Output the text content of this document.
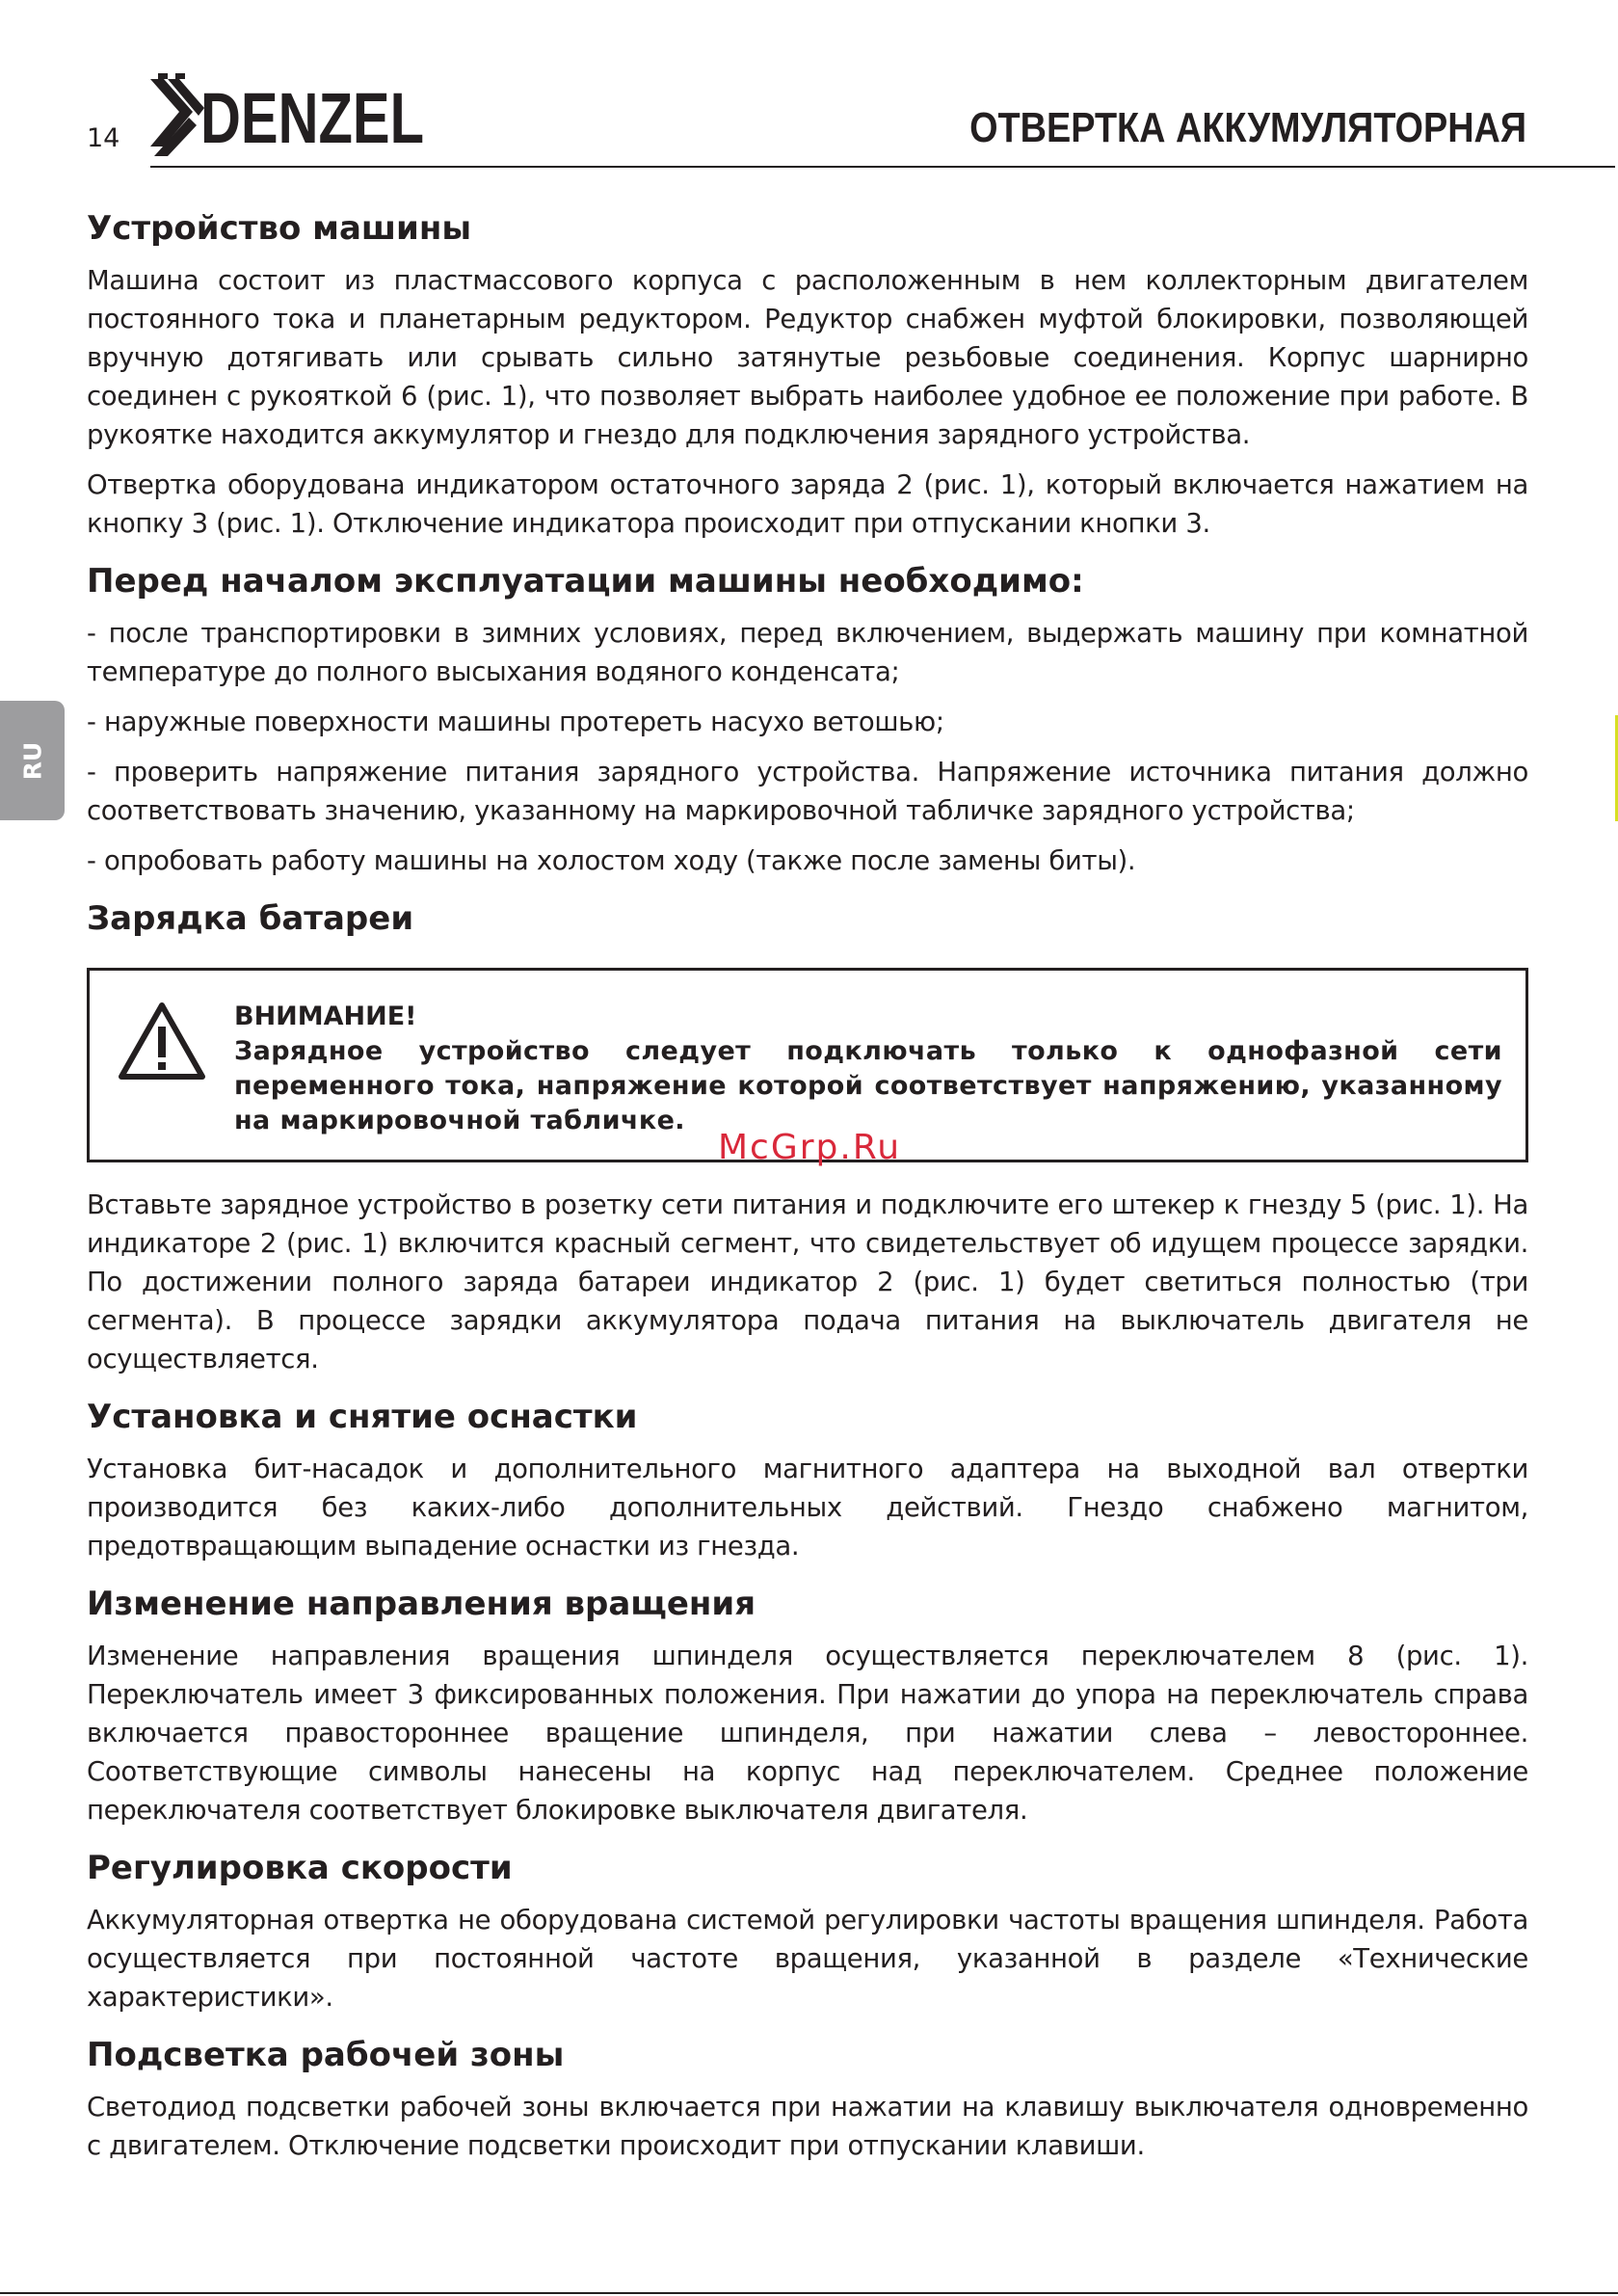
14 DENZEL	ОТВЕРТКА АККУМУЛЯТОРНАЯ
RU
Устройство машины

Машина состоит из пластмассового корпуса с расположенным в нем коллекторным двигателем постоянного тока и планетарным редуктором. Редуктор снабжен муфтой блокировки, позволяющей вручную дотягивать или срывать сильно затянутые резьбовые соединения. Корпус шарнирно соединен с рукояткой 6 (рис. 1), что позволяет выбрать наиболее удобное ее положение при работе. В рукоятке находится аккумулятор и гнездо для подключения зарядного устройства.

Отвертка оборудована индикатором остаточного заряда 2 (рис. 1), который включается нажатием на кнопку 3 (рис. 1). Отключение индикатора происходит при отпускании кнопки 3.

Перед началом эксплуатации машины необходимо:

- после транспортировки в зимних условиях, перед включением, выдержать машину при комнатной температуре до полного высыхания водяного конденсата;

- наружные поверхности машины протереть насухо ветошью;

- проверить напряжение питания зарядного устройства. Напряжение источника питания должно соответствовать значению, указанному на маркировочной табличке зарядного устройства;

- опробовать работу машины на холостом ходу (также после замены биты).

Зарядка батареи
ВНИМАНИЕ!
Зарядное устройство следует подключать только к однофазной сети переменного тока, напряжение которой соответствует напряжению, указанному на маркировочной табличке.

Вставьте зарядное устройство в розетку сети питания и подключите его штекер к гнезду 5 (рис. 1). На индикаторе 2 (рис. 1) включится красный сегмент, что свидетельствует об идущем процессе зарядки. По достижении полного заряда батареи индикатор 2 (рис. 1) будет светиться полностью (три сегмента). В процессе зарядки аккумулятора подача питания на выключатель двигателя не осуществляется.

Установка и снятие оснастки

Установка бит-насадок и дополнительного магнитного адаптера на выходной вал отвертки производится без каких-либо дополнительных действий. Гнездо снабжено магнитом, предотвращающим выпадение оснастки из гнезда.

Изменение направления вращения

Изменение направления вращения шпинделя осуществляется переключателем 8 (рис. 1). Переключатель имеет 3 фиксированных положения. При нажатии до упора на переключатель справа включается правостороннее вращение шпинделя, при нажатии слева – левостороннее. Соответствующие символы нанесены на корпус над переключателем. Среднее положение переключателя соответствует блокировке выключателя двигателя.

Регулировка скорости

Аккумуляторная отвертка не оборудована системой регулировки частоты вращения шпинделя. Работа осуществляется при постоянной частоте вращения, указанной в разделе «Технические характеристики».

Подсветка рабочей зоны

Светодиод подсветки рабочей зоны включается при нажатии на клавишу выключателя одновременно с двигателем. Отключение подсветки происходит при отпускании клавиши.

McGrp.Ru
